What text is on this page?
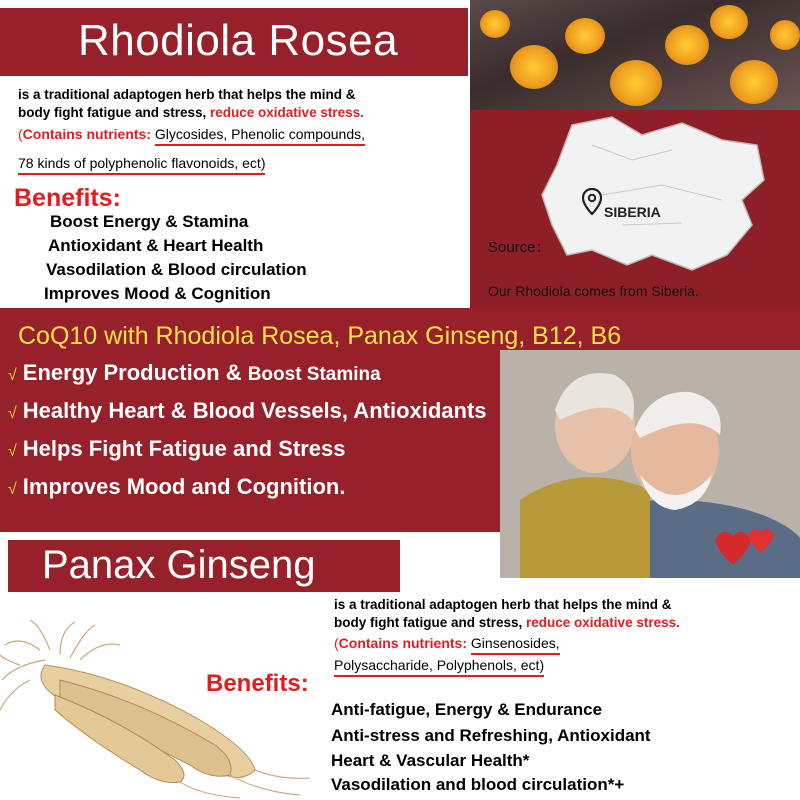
Rhodiola Rosea
is a traditional adaptogen herb that helps the mind &
body fight fatigue and stress, reduce oxidative stress.
(Contains nutrients: Glycosides, Phenolic compounds,
78 kinds of polyphenolic flavonoids, ect)
Benefits:
Boost Energy & Stamina
Antioxidant & Heart Health
Vasodilation & Blood circulation
Improves Mood & Cognition
SIBERIA
Source：
Our Rhodiola comes from Siberia.
CoQ10 with Rhodiola Rosea, Panax Ginseng, B12, B6
√ Energy Production & Boost Stamina
√ Healthy Heart & Blood Vessels, Antioxidants
√ Helps Fight Fatigue and Stress
√ Improves Mood and Cognition.
Panax Ginseng
is a traditional adaptogen herb that helps the mind &
body fight fatigue and stress, reduce oxidative stress.
(Contains nutrients: Ginsenosides,
Polysaccharide, Polyphenols, ect)
Benefits:
Anti-fatigue, Energy & Endurance
Anti-stress and Refreshing, Antioxidant
Heart & Vascular Health*
Vasodilation and blood circulation*+
